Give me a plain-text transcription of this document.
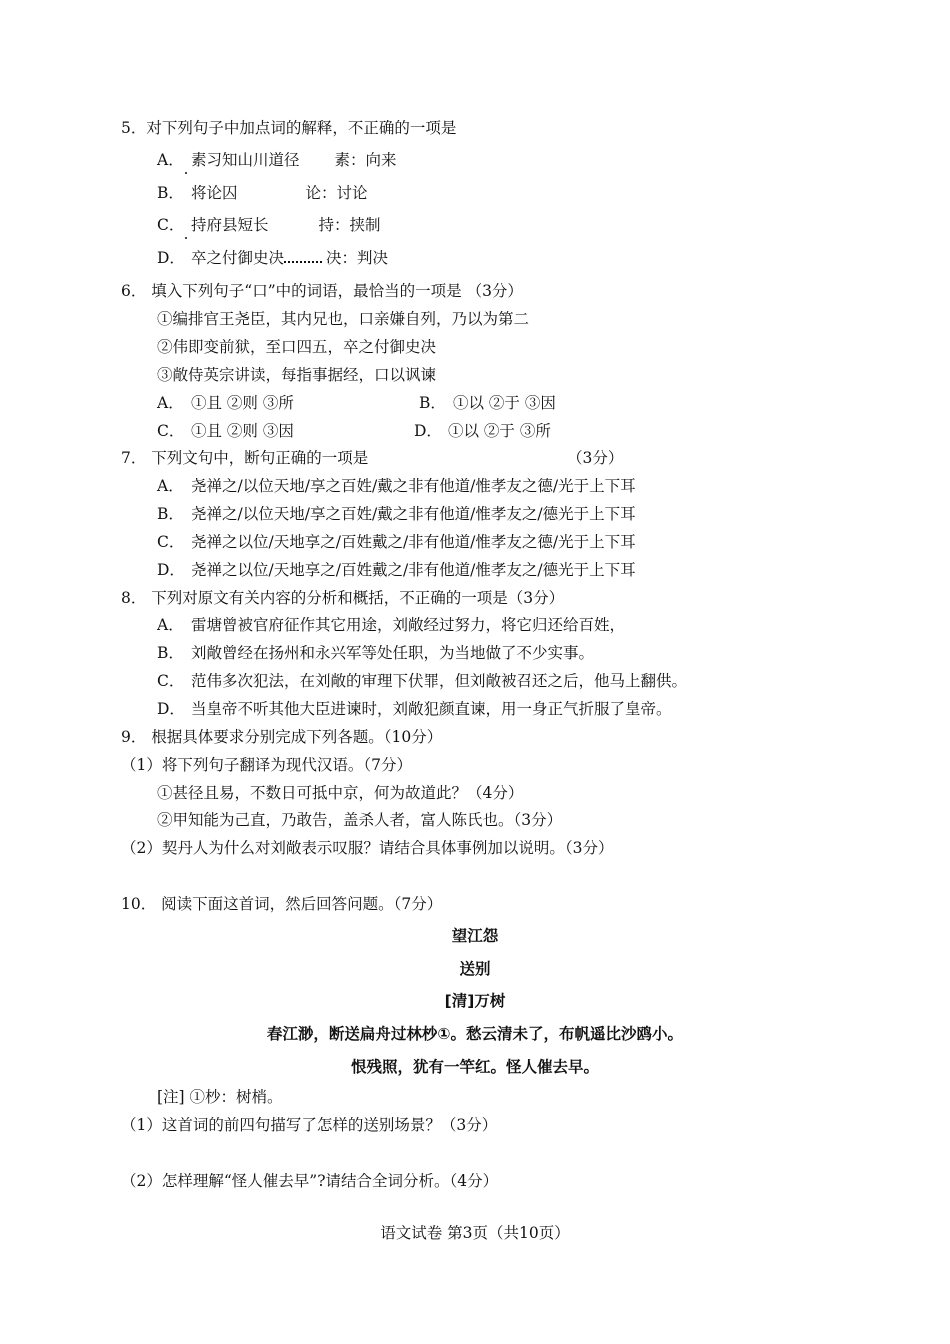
5．对下列句子中加点词的解释，不正确的一项是
A． 素习知山川道径 素：向来
B． 将论囚	论：讨论
C． 持府县短长	持：挟制
D． 卒之付御史决	决：判决
6． 填入下列句子“口”中的词语，最恰当的一项是 （3分）
①编排官王尧臣，其内兄也，口亲嫌自列，乃以为第二
②伟即变前狱，至口四五，卒之付御史决
③敞侍英宗讲读，每指事据经，口以讽谏
A． ①且 ②则 ③所	B． ①以 ②于 ③因
C． ①且 ②则 ③因	D． ①以 ②于 ③所
7． 下列文句中，断句正确的一项是	（3分）
A． 尧禅之/以位天地/享之百姓/戴之非有他道/惟孝友之德/光于上下耳
B． 尧禅之/以位天地/享之百姓/戴之非有他道/惟孝友之/德光于上下耳
C． 尧禅之以位/天地享之/百姓戴之/非有他道/惟孝友之德/光于上下耳
D． 尧禅之以位/天地享之/百姓戴之/非有他道/惟孝友之/德光于上下耳
8． 下列对原文有关内容的分析和概括，不正确的一项是（3分）
A． 雷塘曾被官府征作其它用途，刘敞经过努力，将它归还给百姓，
B． 刘敞曾经在扬州和永兴军等处任职，为当地做了不少实事。
C． 范伟多次犯法，在刘敞的审理下伏罪，但刘敞被召还之后，他马上翻供。
D． 当皇帝不听其他大臣进谏时，刘敞犯颜直谏，用一身正气折服了皇帝。
9． 根据具体要求分别完成下列各题。（10分）
（1）将下列句子翻译为现代汉语。（7分）
①甚径且易，不数日可抵中京，何为故道此？（4分）
②甲知能为己直，乃敢告，盖杀人者，富人陈氏也。（3分）
（2）契丹人为什么对刘敞表示叹服？请结合具体事例加以说明。（3分）
10． 阅读下面这首词，然后回答问题。（7分）
望江怨
送别
[清]万树
春江渺，断送扁舟过林杪①。愁云清未了，布帆遥比沙鸥小。
恨残照，犹有一竿红。怪人催去早。
[注] ①杪：树梢。
（1）这首词的前四句描写了怎样的送别场景？（3分）
（2）怎样理解“怪人催去早”?请结合全词分析。（4分）
语文试卷 第3页（共10页）
